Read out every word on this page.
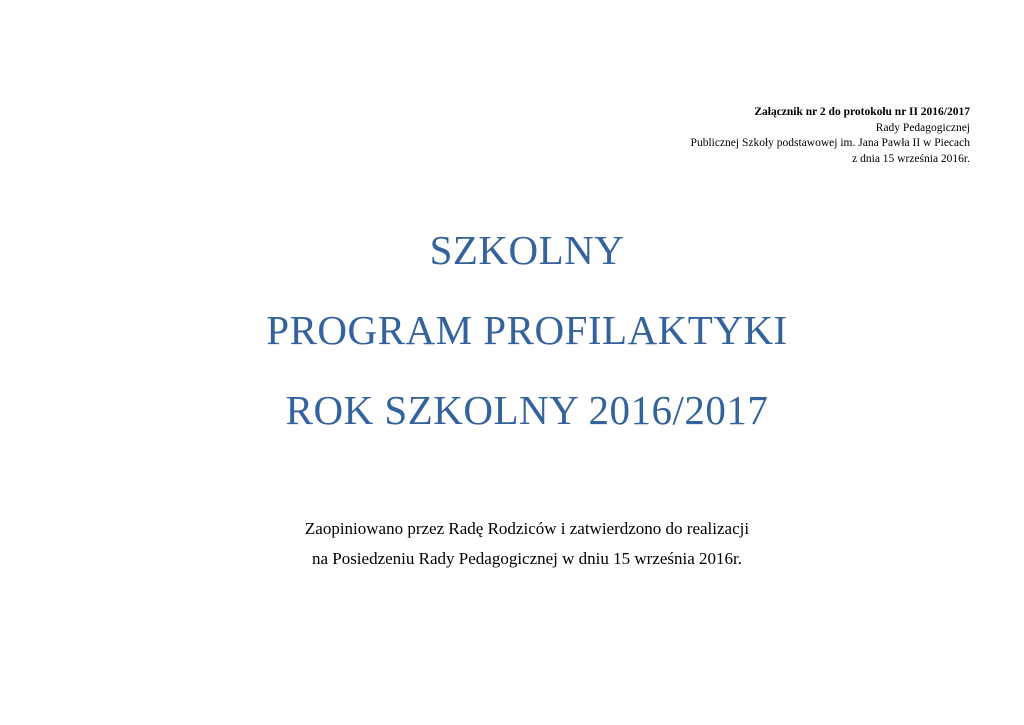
Załącznik nr 2 do protokołu nr II 2016/2017
Rady Pedagogicznej
Publicznej Szkoły podstawowej im. Jana Pawła II w Piecach
z dnia 15 września 2016r.
SZKOLNY
PROGRAM PROFILAKTYKI
ROK SZKOLNY 2016/2017
Zaopiniowano przez Radę Rodziców i zatwierdzono do realizacji
na Posiedzeniu Rady Pedagogicznej w dniu 15 września 2016r.
